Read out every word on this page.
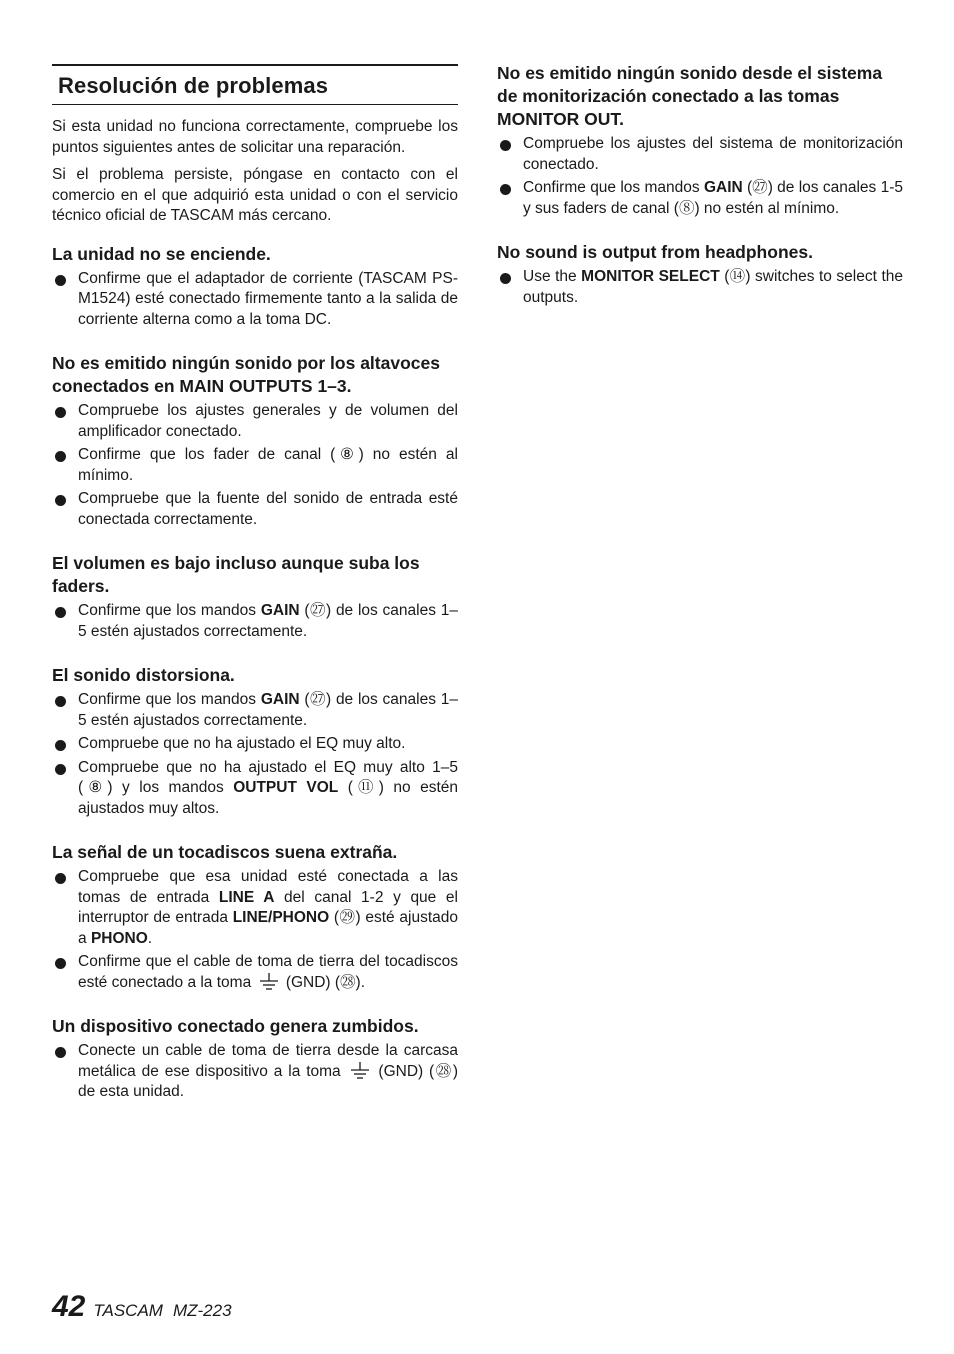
Resolución de problemas

Si esta unidad no funciona correctamente, compruebe los puntos siguientes antes de solicitar una reparación.

Si el problema persiste, póngase en contacto con el comercio en el que adquirió esta unidad o con el servicio técnico oficial de TASCAM más cercano.

La unidad no se enciende.
Confirme que el adaptador de corriente (TASCAM PS-M1524) esté conectado firmemente tanto a la salida de corriente alterna como a la toma DC.
No es emitido ningún sonido por los altavoces conectados en MAIN OUTPUTS 1–3.
Compruebe los ajustes generales y de volumen del amplificador conectado.
Confirme que los fader de canal (⑧) no estén al mínimo.
Compruebe que la fuente del sonido de entrada esté conectada correctamente.
El volumen es bajo incluso aunque suba los faders.
Confirme que los mandos GAIN (㉗) de los canales 1–5 estén ajustados correctamente.
El sonido distorsiona.
Confirme que los mandos GAIN (㉗) de los canales 1–5 estén ajustados correctamente.
Compruebe que no ha ajustado el EQ muy alto.
Compruebe que no ha ajustado el EQ muy alto 1–5 (⑧) y los mandos OUTPUT VOL (⑪) no estén ajustados muy altos.
La señal de un tocadiscos suena extraña.
Compruebe que esa unidad esté conectada a las tomas de entrada LINE A del canal 1-2 y que el interruptor de entrada LINE/PHONO (㉙) esté ajustado a PHONO.
Confirme que el cable de toma de tierra del tocadiscos esté conectado a la toma  (GND) (㉘).
Un dispositivo conectado genera zumbidos.
Conecte un cable de toma de tierra desde la carcasa metálica de ese dispositivo a la toma  (GND) (㉘) de esta unidad.
No es emitido ningún sonido desde el sistema de monitorización conectado a las tomas MONITOR OUT.
Compruebe los ajustes del sistema de monitorización conectado.
Confirme que los mandos GAIN (㉗) de los canales 1-5 y sus faders de canal (⑧) no estén al mínimo.
No sound is output from headphones.
Use the MONITOR SELECT (⑭) switches to select the outputs.
42 TASCAM MZ-223
